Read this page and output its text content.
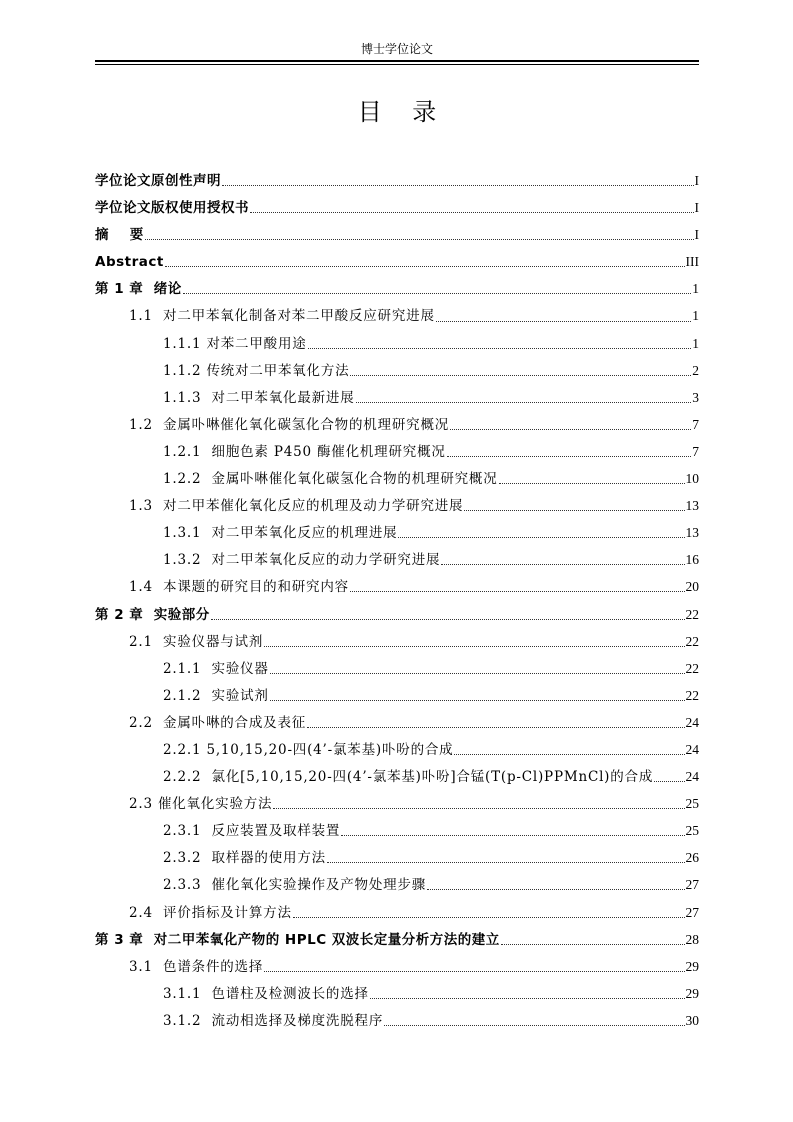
博士学位论文
目    录
学位论文原创性声明	I
学位论文版权使用授权书	I
摘    要	I
Abstract	III
第 1 章  绪论	1
1.1  对二甲苯氧化制备对苯二甲酸反应研究进展	1
1.1.1 对苯二甲酸用途	1
1.1.2 传统对二甲苯氧化方法	2
1.1.3  对二甲苯氧化最新进展	3
1.2  金属卟啉催化氧化碳氢化合物的机理研究概况	7
1.2.1  细胞色素 P450 酶催化机理研究概况	7
1.2.2  金属卟啉催化氧化碳氢化合物的机理研究概况	10
1.3  对二甲苯催化氧化反应的机理及动力学研究进展	13
1.3.1  对二甲苯氧化反应的机理进展	13
1.3.2  对二甲苯氧化反应的动力学研究进展	16
1.4  本课题的研究目的和研究内容	20
第 2 章  实验部分	22
2.1  实验仪器与试剂	22
2.1.1  实验仪器	22
2.1.2  实验试剂	22
2.2  金属卟啉的合成及表征	24
2.2.1 5,10,15,20-四(4’-氯苯基)卟吩的合成	24
2.2.2  氯化[5,10,15,20-四(4’-氯苯基)卟吩]合锰(T(p-Cl)PPMnCl)的合成 24
2.3 催化氧化实验方法	25
2.3.1  反应装置及取样装置	25
2.3.2  取样器的使用方法	26
2.3.3  催化氧化实验操作及产物处理步骤	27
2.4  评价指标及计算方法	27
第 3 章  对二甲苯氧化产物的 HPLC 双波长定量分析方法的建立	28
3.1  色谱条件的选择	29
3.1.1  色谱柱及检测波长的选择	29
3.1.2  流动相选择及梯度洗脱程序	30
